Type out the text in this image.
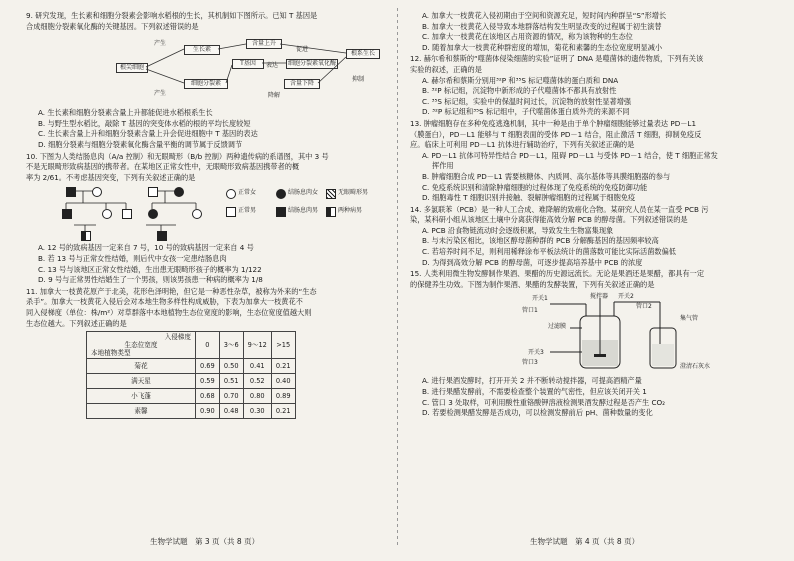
9. 研究发现，生长素和细胞分裂素会影响水稻根的生长，其机制如下图所示。已知 T 基因是

合成细胞分裂素氧化酶的关键基因。下列叙述错误的是

根尖细胞
产生
产生
生长素
细胞分裂素
T基因	表达
含量上升
含量下降
细胞分裂素氧化酶
促进
降解
根系生长
抑制

A. 生长素和细胞分裂素含量上升都能促进水稻根系生长

B. 与野生型水稻比，敲除 T 基因的突变体水稻的根的平均长度较短

C. 生长素含量上升和细胞分裂素含量上升会促进细胞中 T 基因的表达

D. 细胞分裂素与细胞分裂素氧化酶含量平衡的调节属于反馈调节

10. 下图为人类结肠息肉（A/a 控制）和无眼畸形（B/b 控制）两种遗传病的系谱图，其中 3 号

不是无眼畸形致病基因的携带者。在某地区正常女性中，无眼畸形致病基因携带者的概

率为 2/61。不考虑基因突变，下列有关叙述正确的是

正常女	结肠息肉女	无眼畸形男
正常男	结肠息肉男	两种病男

A. 12 号的致病基因一定来自 7 号，10 号的致病基因一定来自 4 号

B. 若 13 号与正常女性结婚，则后代中女孩一定患结肠息肉

C. 13 号与该地区正常女性结婚，生出患无眼畸形孩子的概率为 1/122

D. 9 号与正常男性结婚生了一个男孩，则该男孩患一种病的概率为 1/8

11. 加拿大一枝黄花原产于北美，花形色泽明艳，但它是一种恶性杂草，被称为外来的“生态

杀手”。加拿大一枝黄花入侵后会对本地生物多样性构成威胁，下表为加拿大一枝黄花不

同入侵梯度（单位：株/m²）对草群落中本地植物生态位宽度的影响，生态位宽度值越大则

生态位越大。下列叙述正确的是

入侵梯度
生态位宽度
本地植物类型	0	3～6	9～12	>15
菊花	0.69	0.50	0.41	0.21
满天星	0.59	0.51	0.52	0.40
小飞蓬	0.68	0.70	0.80	0.89
素馨	0.90	0.48	0.30	0.21
生物学试题　第 3 页（共 8 页）

A. 加拿大一枝黄花入侵初期由于空间和资源充足，短时间内种群呈“S”形增长

B. 加拿大一枝黄花入侵导致本地群落结构发生明显改变的过程属于初生演替

C. 加拿大一枝黄花在该地区占用资源的情况，称为该物种的生态位

D. 随着加拿大一枝黄花种群密度的增加，菊花和素馨的生态位宽度明显减小

12. 赫尔希和蔡斯的“噬菌体侵染细菌的实验”证明了 DNA 是噬菌体的遗传物质，下列有关该

实验的叙述，正确的是

A. 赫尔希和蔡斯分别用³²P 和³⁵S 标记噬菌体的蛋白质和 DNA

B. ³²P 标记组，沉淀物中新形成的子代噬菌体不都具有放射性

C. ³⁵S 标记组，实验中的保温时间过长，沉淀物的放射性显著增强

D. ³²P 标记组和³⁵S 标记组中，子代噬菌体蛋白质外壳的来源不同

13. 肿瘤细胞存在多种免疫逃逸机制，其中一种是由于单个肿瘤细胞能够过量表达 PD－L1

（膜蛋白），PD－L1 能够与 T 细胞表面的受体 PD－1 结合，阻止激活 T 细胞，抑制免疫反

应。临床上可利用 PD－L1 抗体进行辅助治疗，下列有关叙述正确的是

A. PD－L1 抗体可特异性结合 PD－L1，阻碍 PD－L1 与受体 PD－1 结合，使 T 细胞正常发

挥作用

B. 肿瘤细胞合成 PD－L1 需要核糖体、内质网、高尔基体等具膜细胞器的参与

C. 免疫系统识别和清除肿瘤细胞的过程体现了免疫系统的免疫防御功能

D. 细胞毒性 T 细胞识别并接触、裂解肿瘤细胞的过程属于细胞免疫

14. 多氯联苯（PCB）是一种人工合成、难降解的致癌化合物。某研究人员在某一直受 PCB 污

染，某科研小组从该地区土壤中分离获得能高效分解 PCB 的醇母菌。下列叙述错误的是

A. PCB 沿食物链流动时会逐级积累，导致发生生物富集现象

B. 与未污染区相比，该地区醇母菌种群的 PCB 分解酶基因的基因频率较高

C. 若培养时间不足，则利用稀释涂布平板法统计的菌落数可能比实际活菌数偏低

D. 为得到高效分解 PCB 的醇母菌，可逐步提高培养基中 PCB 的浓度

15. 人类利用微生物发酵制作果酒、果醋的历史源远流长。无论是果酒还是果醋，都具有一定

的保健养生功效。下图为制作果酒、果醋的发酵装置，下列有关叙述正确的是

搅拌器
开关1
管口1
开关2
管口2
集气管
过滤膜
开关3
管口3
澄清石灰水

A. 进行果酒发酵时，打开开关 2 并不断转动搅拌器，可提高酒精产量

B. 进行果醋发酵前，不需要检查整个装置的气密性，但应该关闭开关 1

C. 管口 3 处取样，可利用酸性重铬酸钾溶液检测果酒发酵过程是否产生 CO₂

D. 若要检测果醋发酵是否成功，可以检测发酵前后 pH、菌种数量的变化

生物学试题　第 4 页（共 8 页）
